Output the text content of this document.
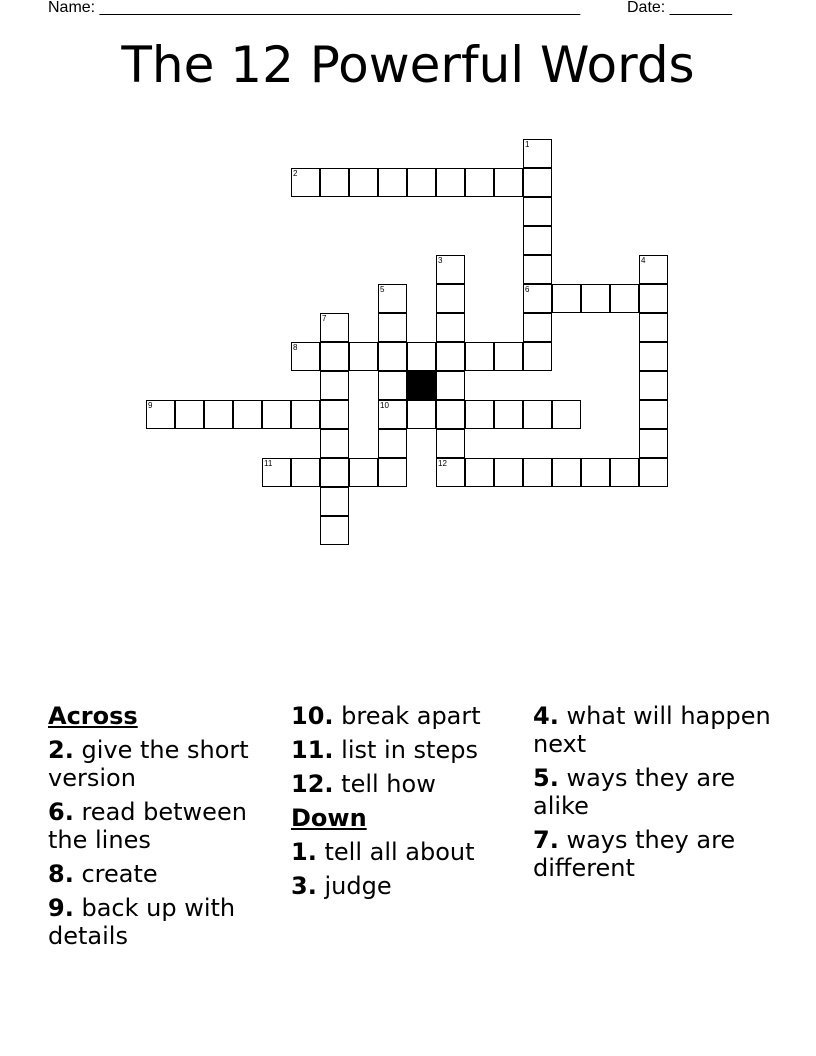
Name: ______________________________________________________	Date: _______
The 12 Powerful Words
2
6
8
9	10
11	12
1
3	4
5
7
Across
2. give the short version
6. read between the lines
8. create
9. back up with details
10. break apart
11. list in steps
12. tell how
Down
1. tell all about
3. judge
4. what will happen next
5. ways they are alike
7. ways they are different
